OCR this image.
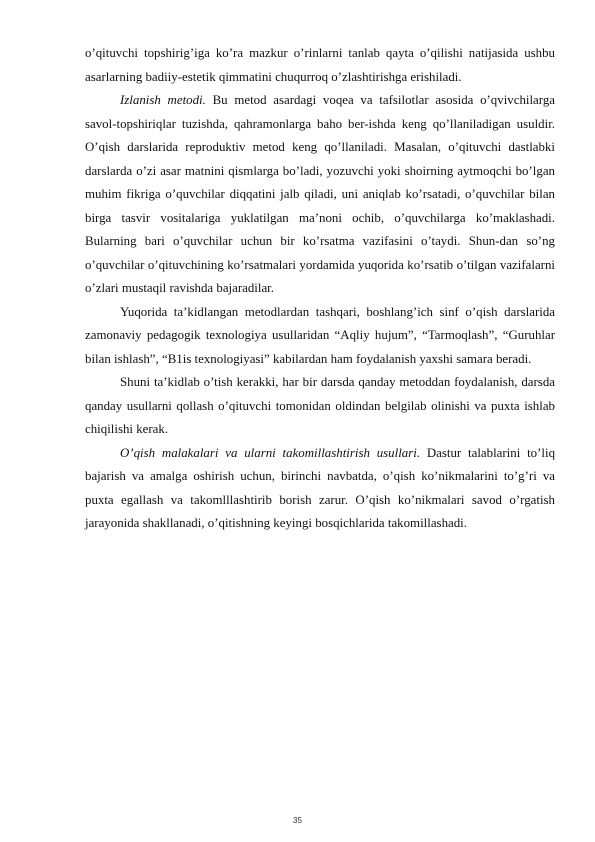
o’qituvchi topshirig’iga ko’ra mazkur o’rinlarni tanlab qayta o’qilishi natijasida ushbu asarlarning badiiy-estetik qimmatini chuqurroq o’zlashtirishga erishiladi.

Izlanish metodi. Bu metod asardagi voqea va tafsilotlar asosida o’qvivchilarga savol-topshiriqlar tuzishda, qahramonlarga baho ber-ishda keng qo’llaniladigan usuldir. O’qish darslarida reproduktiv metod keng qo’llaniladi. Masalan, o’qituvchi dastlabki darslarda o’zi asar matnini qismlarga bo’ladi, yozuvchi yoki shoirning aytmoqchi bo’lgan muhim fikriga o’quvchilar diqqatini jalb qiladi, uni aniqlab ko’rsatadi, o’quvchilar bilan birga tasvir vositalariga yuklatilgan ma’noni ochib, o’quvchilarga ko’maklashadi. Bularning bari o’quvchilar uchun bir ko’rsatma vazifasini o’taydi. Shun-dan so’ng o’quvchilar o’qituvchining ko’rsatmalari yordamida yuqorida ko’rsatib o’tilgan vazifalarni o’zlari mustaqil ravishda bajaradilar.

Yuqorida ta’kidlangan metodlardan tashqari, boshlang’ich sinf o’qish darslarida zamonaviy pedagogik texnologiya usullaridan “Aqliy hujum”, “Tarmoqlash”, “Guruhlar bilan ishlash”, “B1is texnologiyasi” kabilardan ham foydalanish yaxshi samara beradi.

Shuni ta’kidlab o’tish kerakki, har bir darsda qanday metoddan foydalanish, darsda qanday usullarni qollash o’qituvchi tomonidan oldindan belgilab olinishi va puxta ishlab chiqilishi kerak.

O’qish malakalari va ularni takomillashtirish usullari. Dastur talablarini to’liq bajarish va amalga oshirish uchun, birinchi navbatda, o’qish ko’nikmalarini to’g’ri va puxta egallash va takomlllashtirib borish zarur. O’qish ko’nikmalari savod o’rgatish jarayonida shakllanadi, o’qitishning keyingi bosqichlarida takomillashadi.

35
